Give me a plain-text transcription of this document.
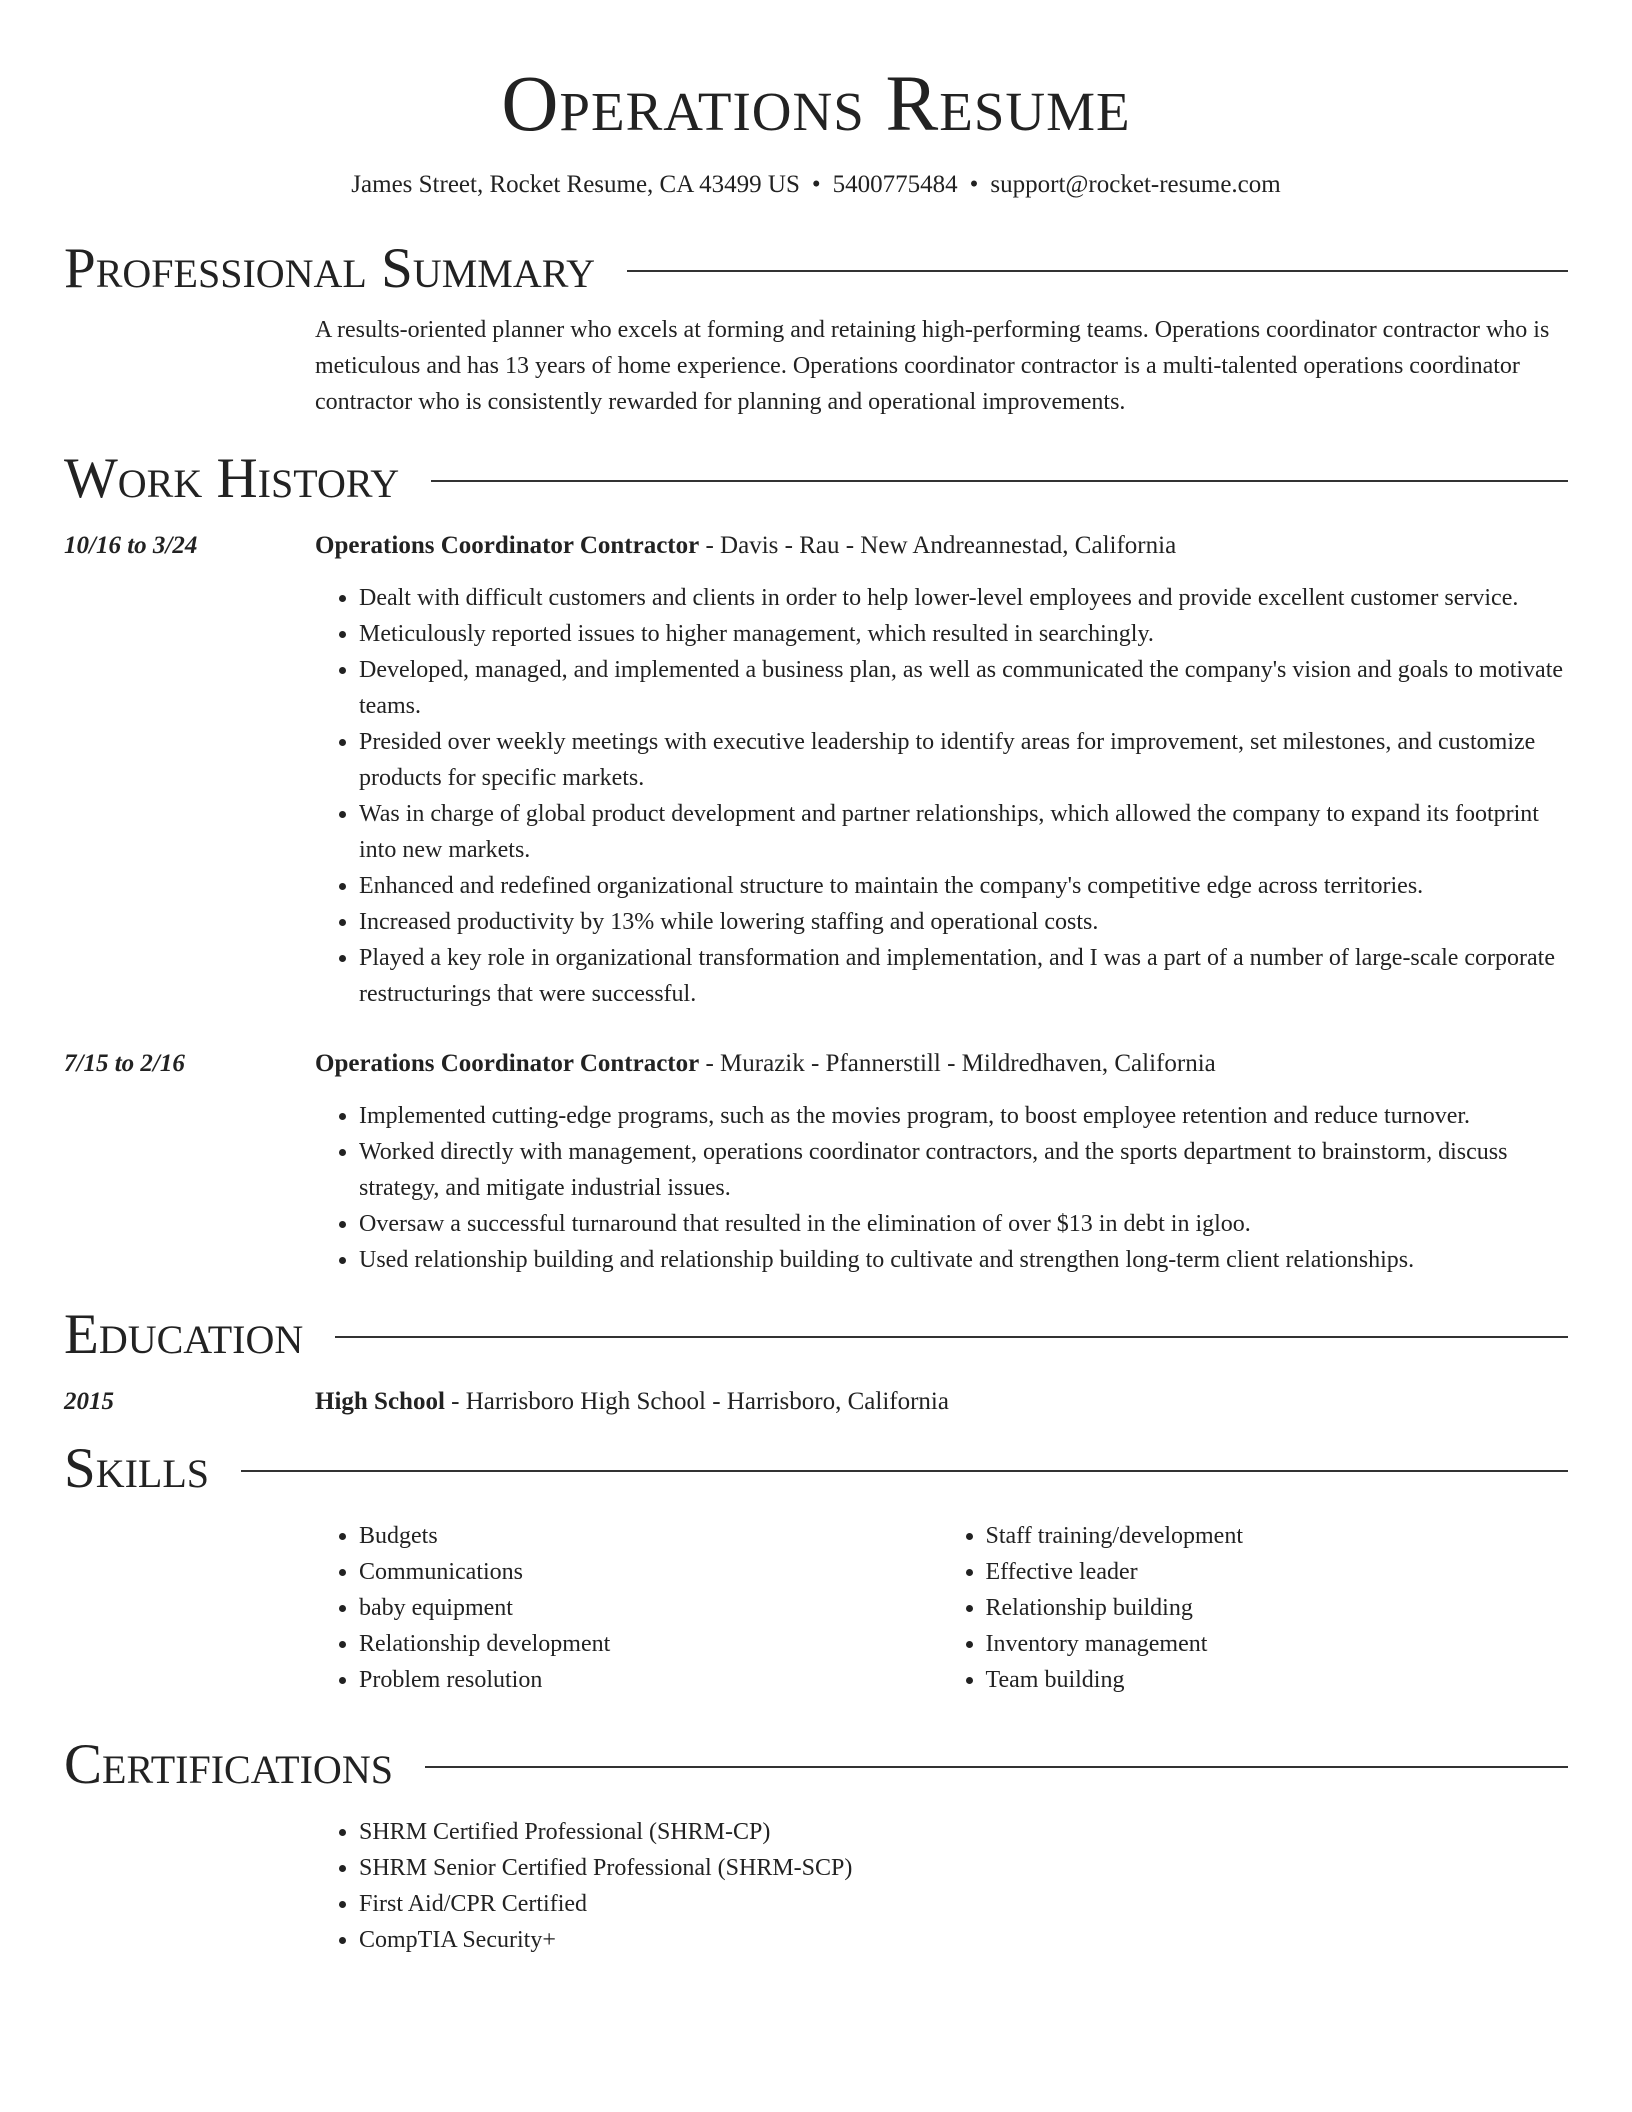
Operations Resume
James Street, Rocket Resume, CA 43499 US • 5400775484 • support@rocket-resume.com
Professional Summary
A results-oriented planner who excels at forming and retaining high-performing teams. Operations coordinator contractor who is meticulous and has 13 years of home experience. Operations coordinator contractor is a multi-talented operations coordinator contractor who is consistently rewarded for planning and operational improvements.
Work History
10/16 to 3/24	Operations Coordinator Contractor - Davis - Rau - New Andreannestad, California
• Dealt with difficult customers and clients in order to help lower-level employees and provide excellent customer service.
• Meticulously reported issues to higher management, which resulted in searchingly.
• Developed, managed, and implemented a business plan, as well as communicated the company's vision and goals to motivate teams.
• Presided over weekly meetings with executive leadership to identify areas for improvement, set milestones, and customize products for specific markets.
• Was in charge of global product development and partner relationships, which allowed the company to expand its footprint into new markets.
• Enhanced and redefined organizational structure to maintain the company's competitive edge across territories.
• Increased productivity by 13% while lowering staffing and operational costs.
• Played a key role in organizational transformation and implementation, and I was a part of a number of large-scale corporate restructurings that were successful.
7/15 to 2/16	Operations Coordinator Contractor - Murazik - Pfannerstill - Mildredhaven, California
• Implemented cutting-edge programs, such as the movies program, to boost employee retention and reduce turnover.
• Worked directly with management, operations coordinator contractors, and the sports department to brainstorm, discuss strategy, and mitigate industrial issues.
• Oversaw a successful turnaround that resulted in the elimination of over $13 in debt in igloo.
• Used relationship building and relationship building to cultivate and strengthen long-term client relationships.
Education
2015	High School - Harrisboro High School - Harrisboro, California
Skills
• Budgets
• Communications
• baby equipment
• Relationship development
• Problem resolution
• Staff training/development
• Effective leader
• Relationship building
• Inventory management
• Team building
Certifications
• SHRM Certified Professional (SHRM-CP)
• SHRM Senior Certified Professional (SHRM-SCP)
• First Aid/CPR Certified
• CompTIA Security+
